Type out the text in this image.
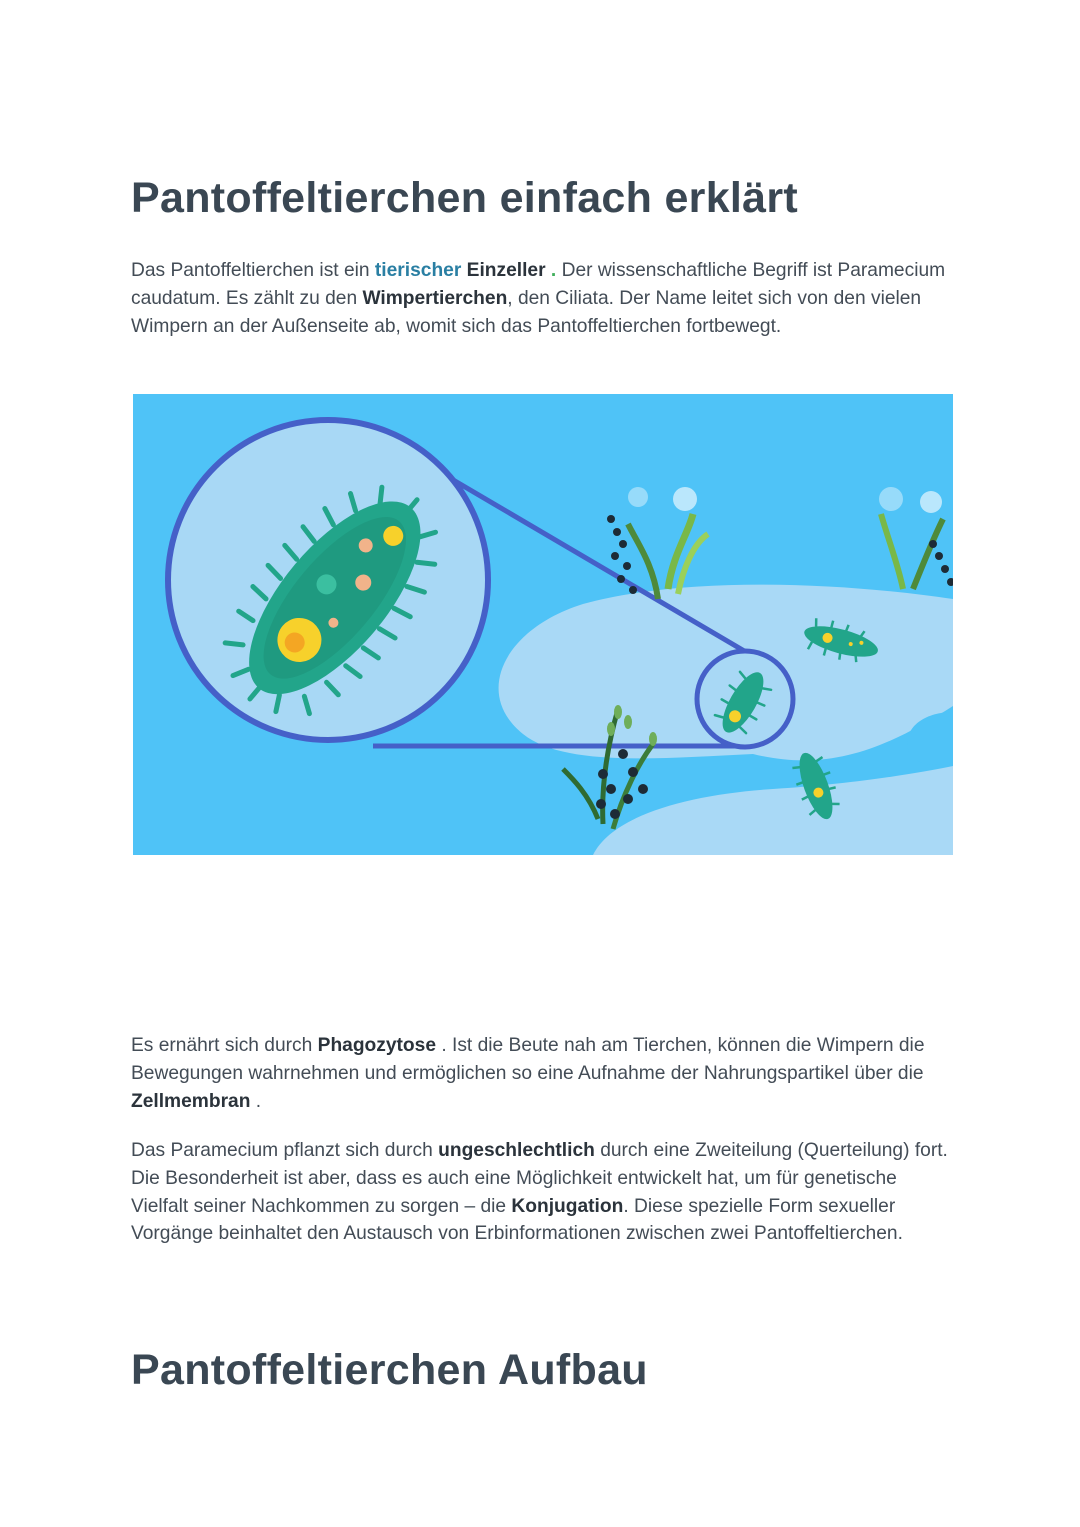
Pantoffeltierchen einfach erklärt

Das Pantoffeltierchen ist ein tierischer Einzeller . Der wissenschaftliche Begriff ist Paramecium caudatum. Es zählt zu den Wimpertierchen, den Ciliata. Der Name leitet sich von den vielen Wimpern an der Außenseite ab, womit sich das Pantoffeltierchen fortbewegt.

Es ernährt sich durch Phagozytose . Ist die Beute nah am Tierchen, können die Wimpern die Bewegungen wahrnehmen und ermöglichen so eine Aufnahme der Nahrungspartikel über die Zellmembran .

Das Paramecium pflanzt sich durch ungeschlechtlich durch eine Zweiteilung (Querteilung) fort. Die Besonderheit ist aber, dass es auch eine Möglichkeit entwickelt hat, um für genetische Vielfalt seiner Nachkommen zu sorgen – die Konjugation. Diese spezielle Form sexueller Vorgänge beinhaltet den Austausch von Erbinformationen zwischen zwei Pantoffeltierchen.

Pantoffeltierchen Aufbau
